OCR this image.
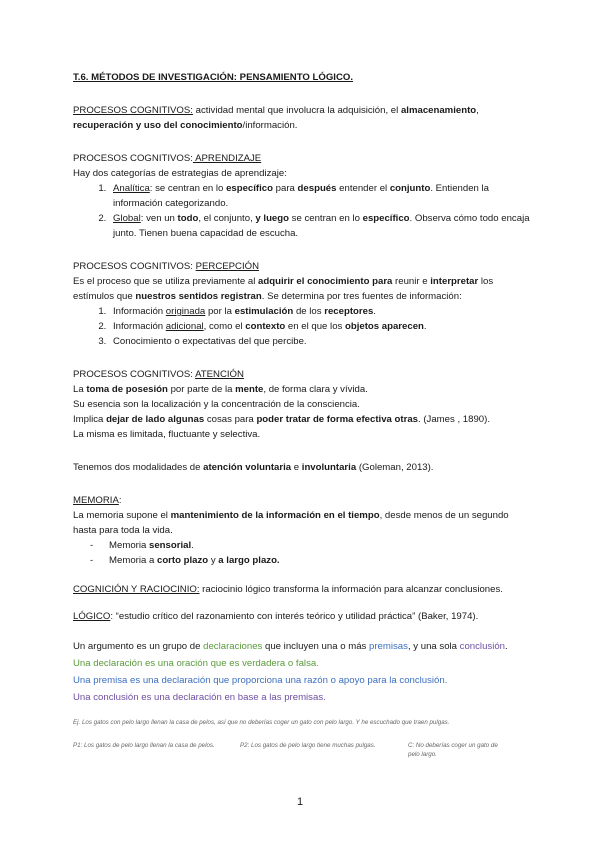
T.6. MÉTODOS DE INVESTIGACIÓN: PENSAMIENTO LÓGICO.

PROCESOS COGNITIVOS: actividad mental que involucra la adquisición, el almacenamiento, recuperación y uso del conocimiento/información.

PROCESOS COGNITIVOS: APRENDIZAJE

Hay dos categorías de estrategias de aprendizaje:

1. Analítica: se centran en lo específico para después entender el conjunto. Entienden la información categorizando.
2. Global: ven un todo, el conjunto, y luego se centran en lo específico. Observa cómo todo encaja junto. Tienen buena capacidad de escucha.

PROCESOS COGNITIVOS: PERCEPCIÓN

Es el proceso que se utiliza previamente al adquirir el conocimiento para reunir e interpretar los estímulos que nuestros sentidos registran. Se determina por tres fuentes de información:

1. Información originada por la estimulación de los receptores.
2. Información adicional, como el contexto en el que los objetos aparecen.
3. Conocimiento o expectativas del que percibe.

PROCESOS COGNITIVOS: ATENCIÓN

La toma de posesión por parte de la mente, de forma clara y vívida.

Su esencia son la localización y la concentración de la consciencia.

Implica dejar de lado algunas cosas para poder tratar de forma efectiva otras. (James , 1890).

La misma es limitada, fluctuante y selectiva.

Tenemos dos modalidades de atención voluntaria e involuntaria (Goleman, 2013).

MEMORIA:

La memoria supone el mantenimiento de la información en el tiempo, desde menos de un segundo hasta para toda la vida.

- Memoria sensorial.
- Memoria a corto plazo y a largo plazo.

COGNICIÓN Y RACIOCINIO: raciocinio lógico transforma la información para alcanzar conclusiones.

LÓGICO: “estudio crítico del razonamiento con interés teórico y utilidad práctica” (Baker, 1974).

Un argumento es un grupo de declaraciones que incluyen una o más premisas, y una sola conclusión.

Una declaración es una oración que es verdadera o falsa.

Una premisa es una declaración que proporciona una razón o apoyo para la conclusión.

Una conclusión es una declaración en base a las premisas.

Ej. Los gatos con pelo largo llenan la casa de pelos, así que no deberías coger un gato con pelo largo. Y he escuchado que traen pulgas.

P1: Los gatos de pelo largo llenan la casa de pelos.	P2: Los gatos de pelo largo tiene muchas pulgas.	C: No deberías coger un gato de pelo largo.
1
